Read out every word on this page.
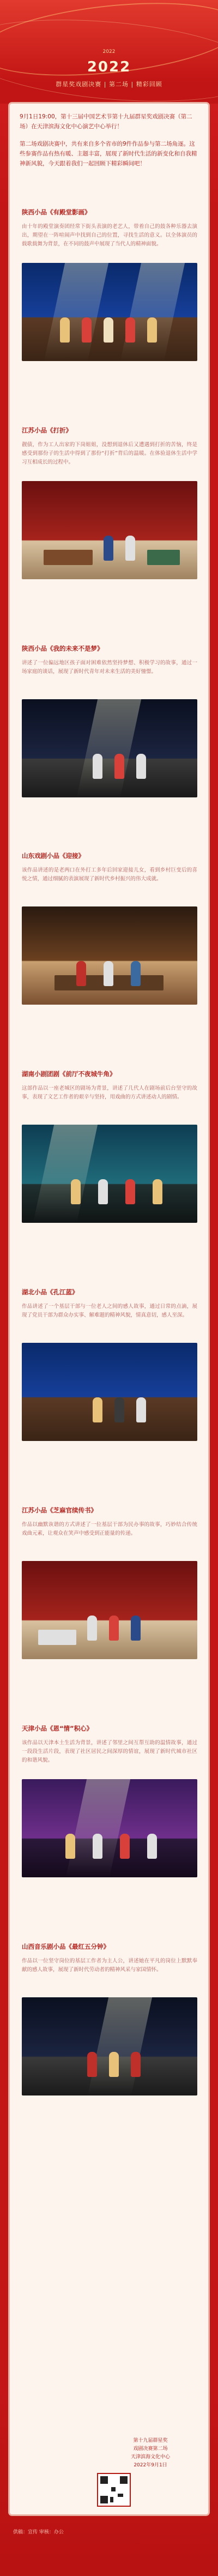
2022
2022
群星奖戏剧决赛 | 第二场 | 精彩回顾

9月1日19:00，第十三届中国艺术节第十九届群星奖戏剧决赛（第二场）在天津滨海文化中心演艺中心举行！

第二场戏剧决赛中，共有来自多个省市的9件作品参与第二场角逐。这些参赛作品有热有暖、主题丰富，展现了新时代生活的新变化和自我精神新风貌，今天跟着我们一起回顾下精彩瞬间吧！

陕西小品《有殿堂影画》
由十年的殿堂演奏团经常下街头表演的老艺人，带着自己的鼓各种乐器去演出，期望在一阵喧闹声中找到自己的位置，寻找生活的意义。以全体演员的载歌载舞为背景，在不同的鼓声中展现了当代人的精神面貌。
江苏小品《打折》
靓债，作为工人出家的下岗姐姐，没想到退休后又遭遇到打折的苦恼，终是感受到那份子的生活中得到了那份“打折”背后的温暖。在体验退休生活中学习互相成长的过程中。
陕西小品《我的未来不是梦》
讲述了一位偏远地区孩子面对困难依然坚持梦想、积极学习的故事，通过一场家庭的谈话，展现了新时代青年对未来生活的美好憧憬。
山东戏剧小品《迎接》
该作品讲述的是老两口在外打工多年后回家迎接儿女，看到乡村巨变后的喜悦之情，通过细腻的表演展现了新时代乡村振兴的伟大成就。
湖南小剧团剧《前厅不夜城牛角》
这部作品以一座老城区的剧场为背景，讲述了几代人在剧场前后台坚守的故事，表现了文艺工作者的艰辛与坚持，用戏曲的方式讲述动人的剧情。
湖北小品《孔江蓝》
作品讲述了一个基层干部与一位老人之间的感人故事，通过日常的点滴，展现了党员干部为群众办实事、解难题的精神风貌，情真意切，感人至深。
江苏小品《芝麻官续传书》
作品以幽默诙谐的方式讲述了一位基层干部为民办事的故事，巧妙结合传统戏曲元素，让观众在笑声中感受到正能量的传递。
天津小品《恩“情”积心》
该作品以天津本土生活为背景，讲述了邻里之间互帮互助的温情故事，通过一段段生活片段，表现了社区居民之间深厚的情谊，展现了新时代城市社区的和谐风貌。
山西音乐剧小品《最红五分钟》
作品以一位坚守岗位的基层工作者为主人公，讲述她在平凡的岗位上默默奉献的感人故事，展现了新时代劳动者的精神风采与家国情怀。
第十九届群星奖
戏剧决赛第二场
天津滨海文化中心
2022年9月1日
供稿：宣传 审核：办公
